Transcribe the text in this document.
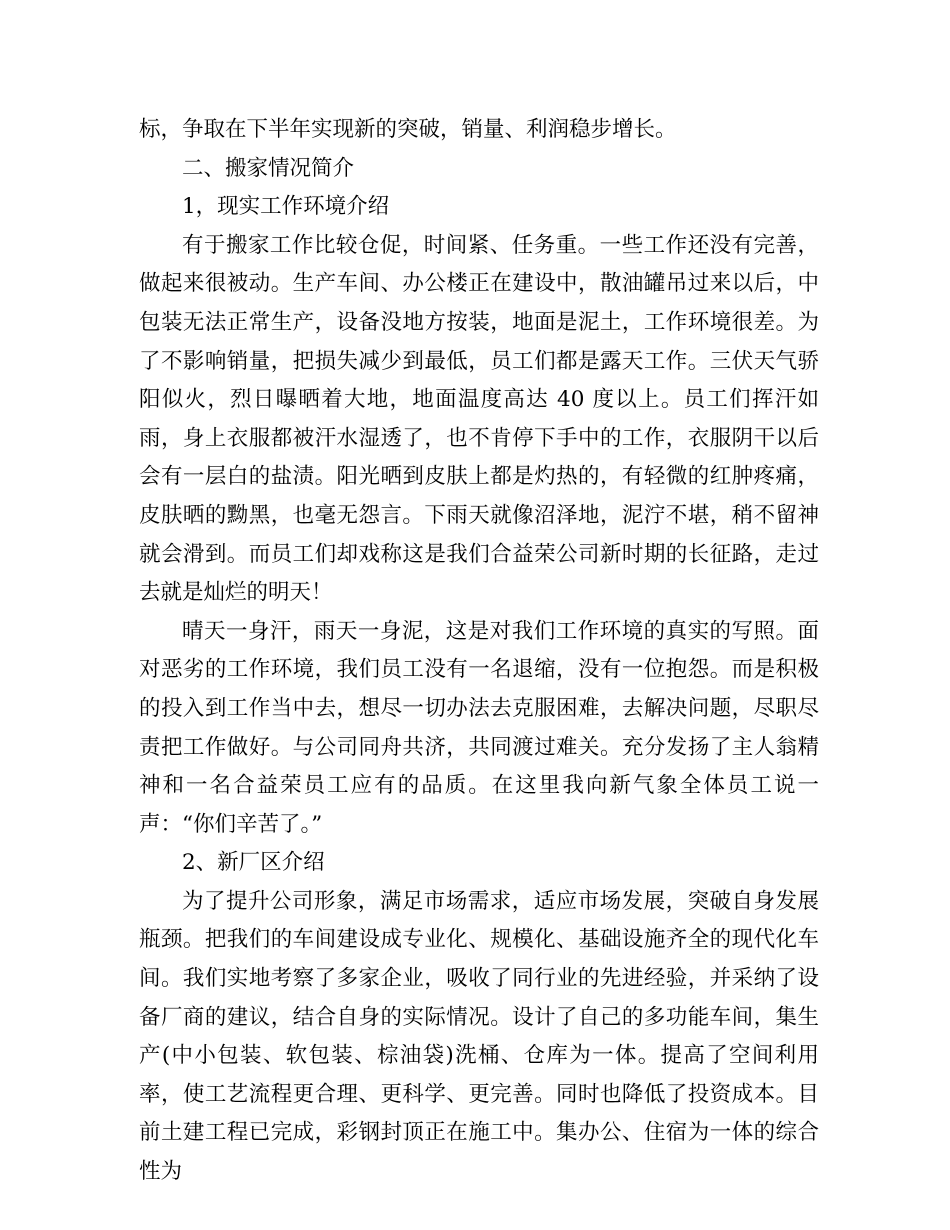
标，争取在下半年实现新的突破，销量、利润稳步增长。

二、搬家情况简介

1，现实工作环境介绍

有于搬家工作比较仓促，时间紧、任务重。一些工作还没有完善，做起来很被动。生产车间、办公楼正在建设中，散油罐吊过来以后，中包装无法正常生产，设备没地方按装，地面是泥土，工作环境很差。为了不影响销量，把损失减少到最低，员工们都是露天工作。三伏天气骄阳似火，烈日曝晒着大地，地面温度高达 40 度以上。员工们挥汗如雨，身上衣服都被汗水湿透了，也不肯停下手中的工作，衣服阴干以后会有一层白的盐渍。阳光晒到皮肤上都是灼热的，有轻微的红肿疼痛，皮肤晒的黝黑，也毫无怨言。下雨天就像沼泽地，泥泞不堪，稍不留神就会滑到。而员工们却戏称这是我们合益荣公司新时期的长征路，走过去就是灿烂的明天！

晴天一身汗，雨天一身泥，这是对我们工作环境的真实的写照。面对恶劣的工作环境，我们员工没有一名退缩，没有一位抱怨。而是积极的投入到工作当中去，想尽一切办法去克服困难，去解决问题，尽职尽责把工作做好。与公司同舟共济，共同渡过难关。充分发扬了主人翁精神和一名合益荣员工应有的品质。在这里我向新气象全体员工说一声：“你们辛苦了。”

2、新厂区介绍

为了提升公司形象，满足市场需求，适应市场发展，突破自身发展瓶颈。把我们的车间建设成专业化、规模化、基础设施齐全的现代化车间。我们实地考察了多家企业，吸收了同行业的先进经验，并采纳了设备厂商的建议，结合自身的实际情况。设计了自己的多功能车间，集生产(中小包装、软包装、棕油袋)洗桶、仓库为一体。提高了空间利用率，使工艺流程更合理、更科学、更完善。同时也降低了投资成本。目前土建工程已完成，彩钢封顶正在施工中。集办公、住宿为一体的综合性为
